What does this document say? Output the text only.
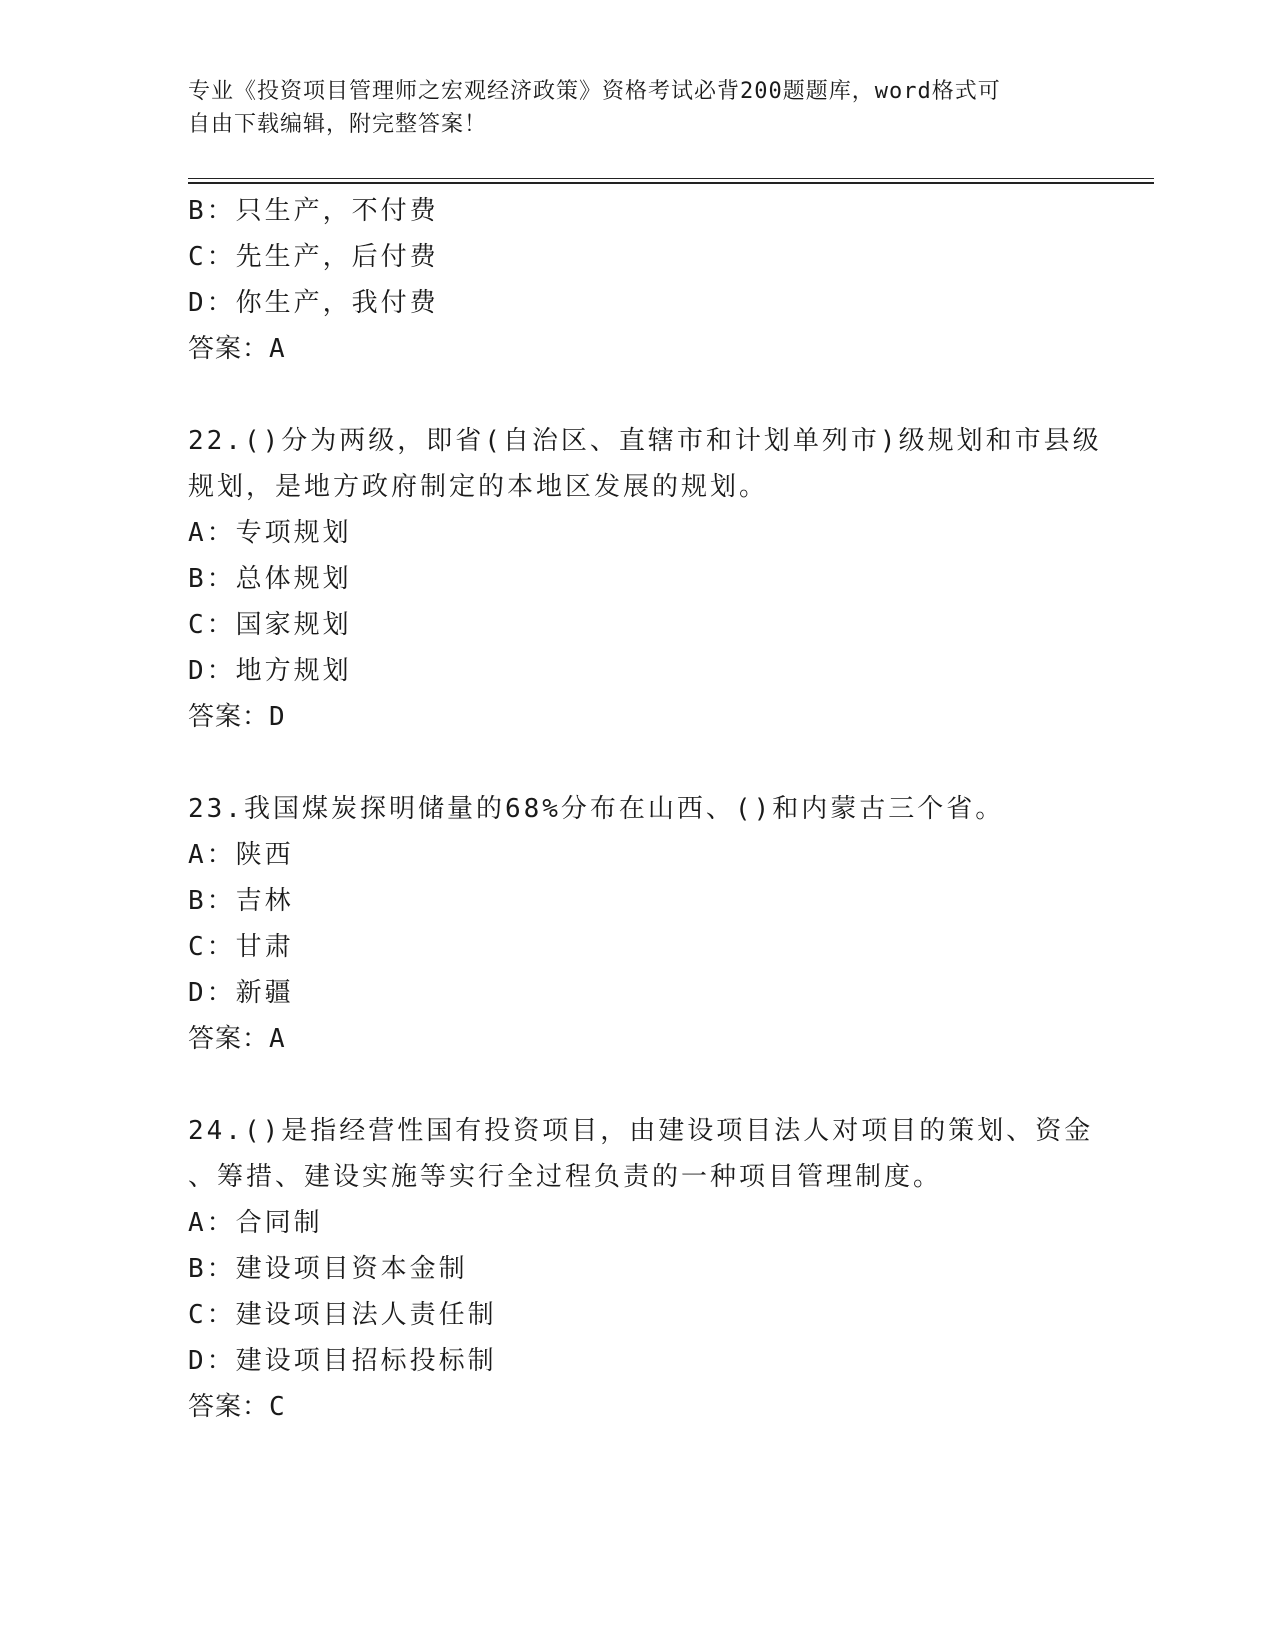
专业《投资项目管理师之宏观经济政策》资格考试必背200题题库，word格式可
自由下载编辑，附完整答案！
B：只生产，不付费
C：先生产，后付费
D：你生产，我付费
答案：A
22.()分为两级，即省(自治区、直辖市和计划单列市)级规划和市县级
规划，是地方政府制定的本地区发展的规划。
A：专项规划
B：总体规划
C：国家规划
D：地方规划
答案：D
23.我国煤炭探明储量的68%分布在山西、()和内蒙古三个省。
A：陕西
B：吉林
C：甘肃
D：新疆
答案：A
24.()是指经营性国有投资项目，由建设项目法人对项目的策划、资金
、筹措、建设实施等实行全过程负责的一种项目管理制度。
A：合同制
B：建设项目资本金制
C：建设项目法人责任制
D：建设项目招标投标制
答案：C
